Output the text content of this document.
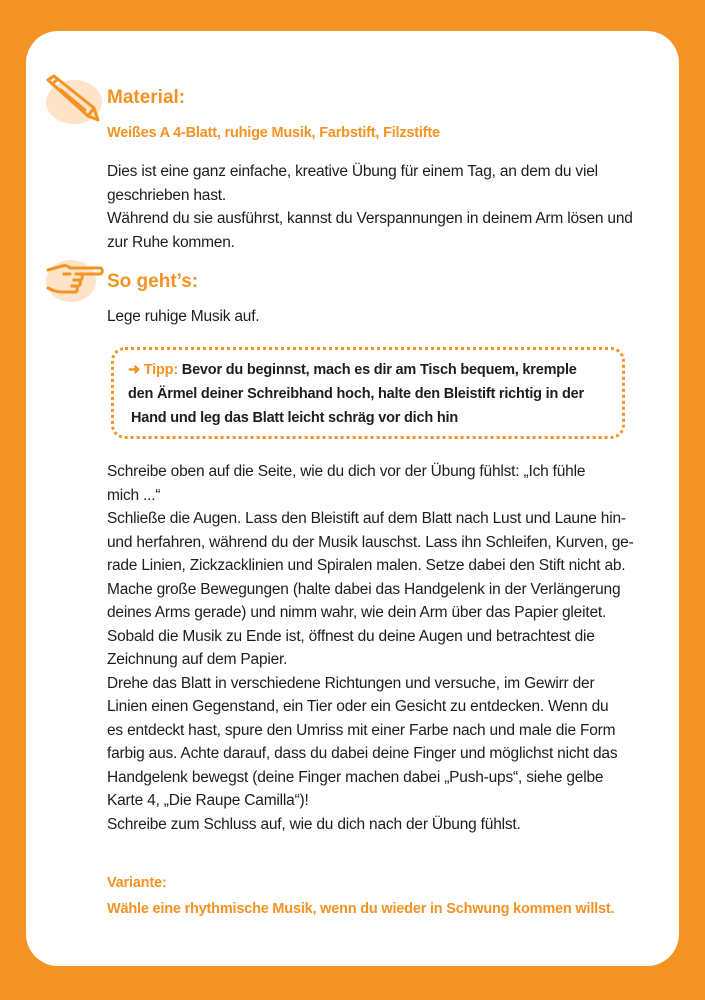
Material:
Weißes A 4-Blatt, ruhige Musik, Farbstift, Filzstifte

Dies ist eine ganz einfache, kreative Übung für einem Tag, an dem du viel
geschrieben hast.
Während du sie ausführst, kannst du Verspannungen in deinem Arm lösen und
zur Ruhe kommen.

So geht’s:

Lege ruhige Musik auf.

Schreibe oben auf die Seite, wie du dich vor der Übung fühlst: „Ich fühle
mich ...“
Schließe die Augen. Lass den Bleistift auf dem Blatt nach Lust und Laune hin-
und herfahren, während du der Musik lauschst. Lass ihn Schleifen, Kurven, ge-
rade Linien, Zickzacklinien und Spiralen malen. Setze dabei den Stift nicht ab.
Mache große Bewegungen (halte dabei das Handgelenk in der Verlängerung
deines Arms gerade) und nimm wahr, wie dein Arm über das Papier gleitet.
Sobald die Musik zu Ende ist, öffnest du deine Augen und betrachtest die
Zeichnung auf dem Papier.
Drehe das Blatt in verschiedene Richtungen und versuche, im Gewirr der
Linien einen Gegenstand, ein Tier oder ein Gesicht zu entdecken. Wenn du
es entdeckt hast, spure den Umriss mit einer Farbe nach und male die Form
farbig aus. Achte darauf, dass du dabei deine Finger und möglichst nicht das
Handgelenk bewegst (deine Finger machen dabei „Push-ups“, siehe gelbe
Karte 4, „Die Raupe Camilla“)!
Schreibe zum Schluss auf, wie du dich nach der Übung fühlst.

Variante:
Wähle eine rhythmische Musik, wenn du wieder in Schwung kommen willst.
➜ Tipp: Bevor du beginnst, mach es dir am Tisch bequem, kremple
den Ärmel deiner Schreibhand hoch, halte den Bleistift richtig in der
Hand und leg das Blatt leicht schräg vor dich hin
